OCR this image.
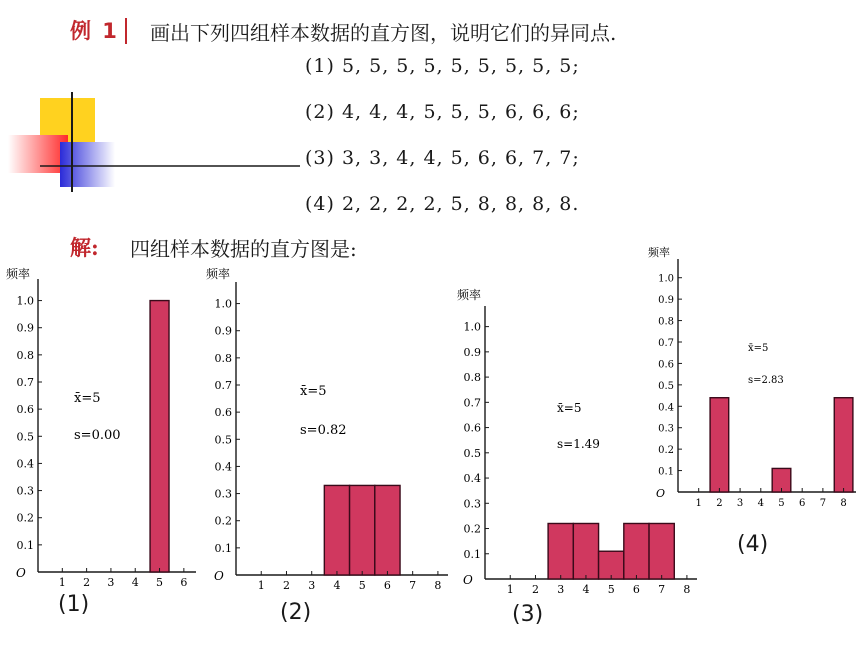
例 1	画出下列四组样本数据的直方图，说明它们的异同点.
(1) 5, 5, 5, 5, 5, 5, 5, 5, 5;
(2) 4, 4, 4, 5, 5, 5, 6, 6, 6;
(3) 3, 3, 4, 4, 5, 6, 6, 7, 7;
(4) 2, 2, 2, 2, 5, 8, 8, 8, 8.
解: 四组样本数据的直方图是:
频率
O
0.1
0.2
0.3
0.4
0.5
0.6
0.7
0.8
0.9
1.0
1 2 3 4 5 6
x̄=5
s=0.00
频率
O
0.1
0.2
0.3
0.4
0.5
0.6
0.7
0.8
0.9
1.0
1 2 3 4 5 6 7 8
x̄=5
s=0.82
频率
O
0.1
0.2
0.3
0.4
0.5
0.6
0.7
0.8
0.9
1.0
1 2 3 4 5 6 7 8
x̄=5
s=1.49
频率
O
0.1
0.2
0.3
0.4
0.5
0.6
0.7
0.8
0.9
1.0
1 2 3 4 5 6 7 8
x̄=5
s=2.83
(1)	(2)	(3)
(4)
